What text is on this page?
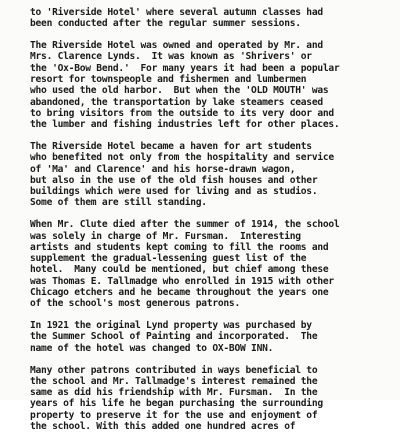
to 'Riverside Hotel' where several autumn classes had
been conducted after the regular summer sessions.
The Riverside Hotel was owned and operated by Mr. and
Mrs. Clarence Lynds.  It was known as 'Shrivers' or
the 'Ox-Bow Bend.'  For many years it had been a popular
resort for townspeople and fishermen and lumbermen
who used the old harbor.  But when the 'OLD MOUTH' was
abandoned, the transportation by lake steamers ceased
to bring visitors from the outside to its very door and
the lumber and fishing industries left for other places.
The Riverside Hotel became a haven for art students
who benefited not only from the hospitality and service
of 'Ma' and Clarence' and his horse-drawn wagon,
but also in the use of the old fish houses and other
buildings which were used for living and as studios.
Some of them are still standing.
When Mr. Clute died after the summer of 1914, the school
was solely in charge of Mr. Fursman.  Interesting
artists and students kept coming to fill the rooms and
supplement the gradual-lessening guest list of the
hotel.  Many could be mentioned, but chief among these
was Thomas E. Tallmadge who enrolled in 1915 with other
Chicago etchers and he became throughout the years one
of the school's most generous patrons.
In 1921 the original Lynd property was purchased by
the Summer School of Painting and incorporated.  The
name of the hotel was changed to OX-BOW INN.
Many other patrons contributed in ways beneficial to
the school and Mr. Tallmadge's interest remained the
same as did his friendship with Mr. Fursman.  In the
years of his life he began purchasing the surrounding
property to preserve it for the use and enjoyment of
the school. With this added one hundred acres of
